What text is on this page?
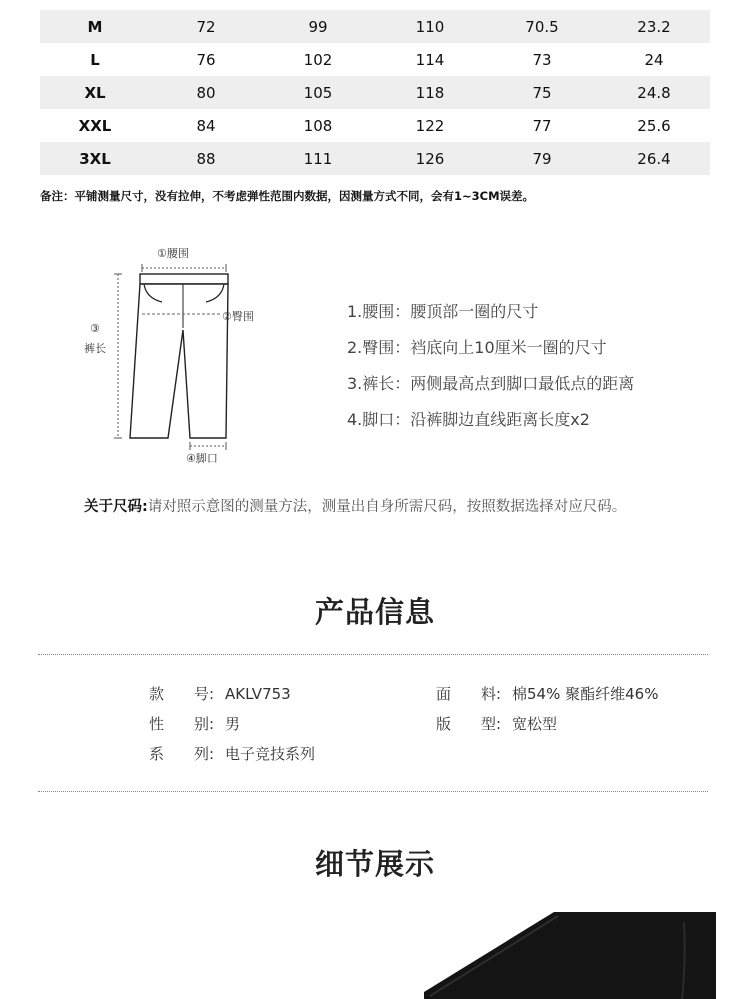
M	72	99	110	70.5	23.2
L	76	102	114	73	24
XL	80	105	118	75	24.8
XXL	84	108	122	77	25.6
3XL	88	111	126	79	26.4
备注：平铺测量尺寸，没有拉伸，不考虑弹性范围内数据，因测量方式不同，会有1~3CM误差。
①腰围
②臀围
③
裤长
④脚口
1.腰围：腰顶部一圈的尺寸
2.臀围：裆底向上10厘米一圈的尺寸
3.裤长：两侧最高点到脚口最低点的距离
4.脚口：沿裤脚边直线距离长度x2
关于尺码:请对照示意图的测量方法，测量出自身所需尺码，按照数据选择对应尺码。
产品信息
款　　号: AKLV753	面　　料: 棉54% 聚酯纤维46%
性　　别: 男	版　　型: 宽松型
系　　列: 电子竞技系列
细节展示
